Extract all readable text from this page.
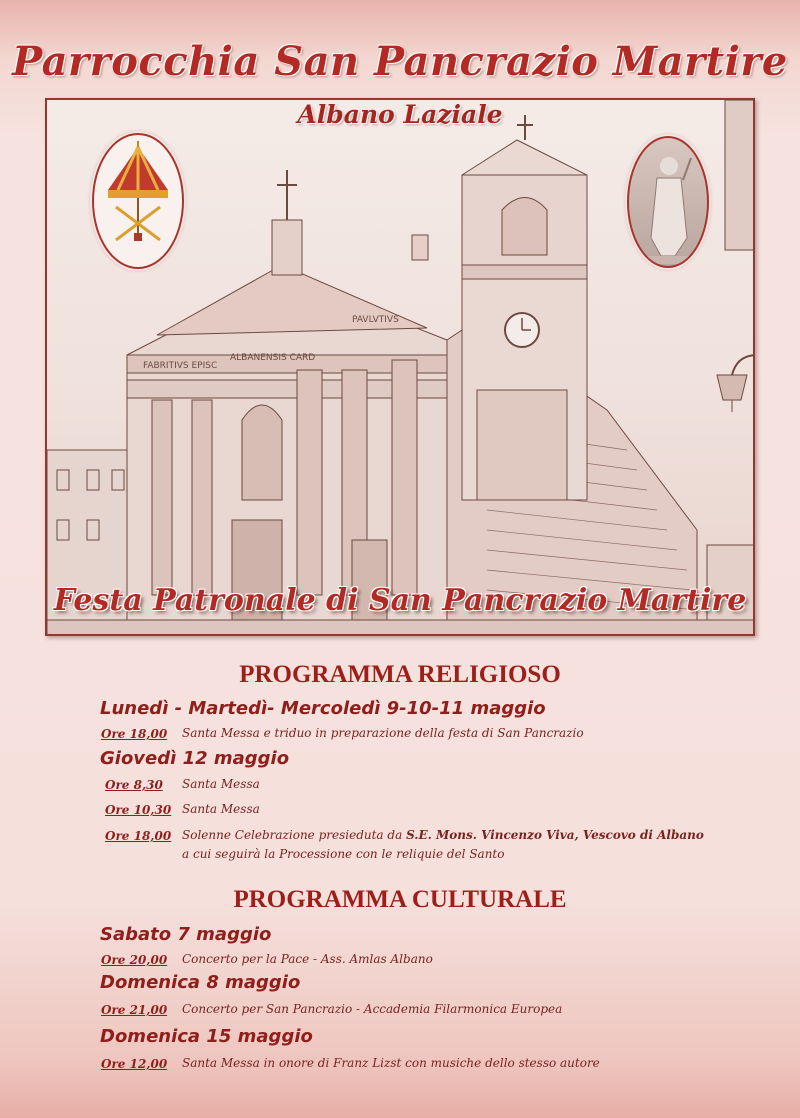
Parrocchia San Pancrazio Martire
FABRITIVS EPISC
ALBANENSIS CARD
PAVLVTIVS
Albano Laziale
Festa Patronale di San Pancrazio Martire
PROGRAMMA RELIGIOSO
Lunedì - Martedì- Mercoledì 9-10-11 maggio
Ore 18,00 Santa Messa e triduo in preparazione della festa di San Pancrazio
Giovedì 12 maggio
Ore 8,30 Santa Messa
Ore 10,30 Santa Messa
Ore 18,00 Solenne Celebrazione presieduta da S.E. Mons. Vincenzo Viva, Vescovo di Albano
a cui seguirà la Processione con le reliquie del Santo
PROGRAMMA CULTURALE
Sabato 7 maggio
Ore 20,00 Concerto per la Pace - Ass. Amlas Albano
Domenica 8 maggio
Ore 21,00 Concerto per San Pancrazio - Accademia Filarmonica Europea
Domenica 15 maggio
Ore 12,00 Santa Messa in onore di Franz Lizst con musiche dello stesso autore
